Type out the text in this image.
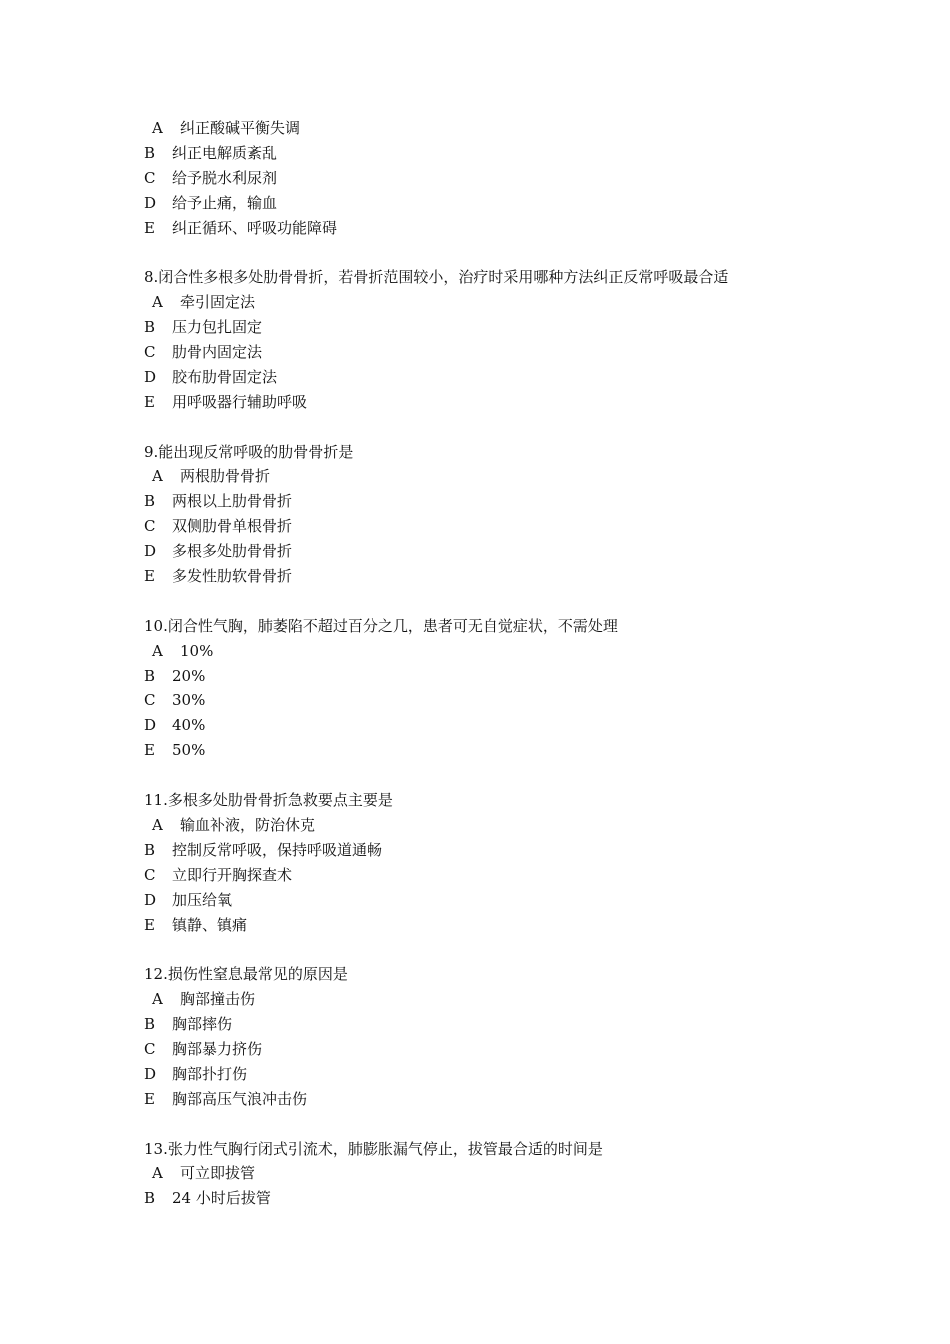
A	纠正酸碱平衡失调
B	纠正电解质紊乱
C	给予脱水利尿剂
D	给予止痛，输血
E	纠正循环、呼吸功能障碍
8.闭合性多根多处肋骨骨折，若骨折范围较小，治疗时采用哪种方法纠正反常呼吸最合适
A	牵引固定法
B	压力包扎固定
C	肋骨内固定法
D	胶布肋骨固定法
E	用呼吸器行辅助呼吸
9.能出现反常呼吸的肋骨骨折是
A	两根肋骨骨折
B	两根以上肋骨骨折
C	双侧肋骨单根骨折
D	多根多处肋骨骨折
E	多发性肋软骨骨折
10.闭合性气胸，肺萎陷不超过百分之几，患者可无自觉症状，不需处理
A	10%
B	20%
C	30%
D	40%
E	50%
11.多根多处肋骨骨折急救要点主要是
A	输血补液，防治休克
B	控制反常呼吸，保持呼吸道通畅
C	立即行开胸探查术
D	加压给氧
E	镇静、镇痛
12.损伤性窒息最常见的原因是
A	胸部撞击伤
B	胸部摔伤
C	胸部暴力挤伤
D	胸部扑打伤
E	胸部高压气浪冲击伤
13.张力性气胸行闭式引流术，肺膨胀漏气停止，拔管最合适的时间是
A	可立即拔管
B	24 小时后拔管
